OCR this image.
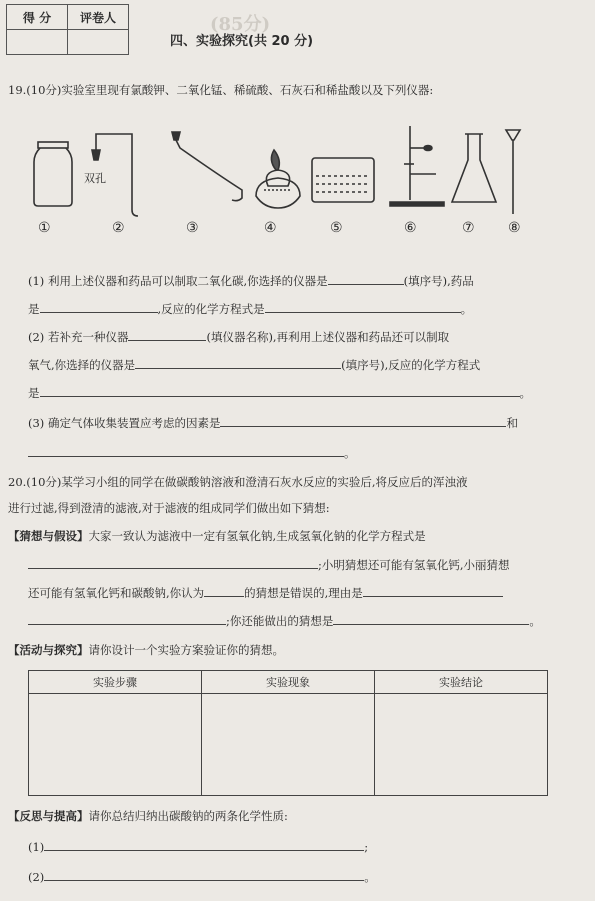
(85分)
得 分	评卷人

四、实验探究(共 20 分)
19.(10分)实验室里现有氯酸钾、二氧化锰、稀硫酸、石灰石和稀盐酸以及下列仪器:
双孔
①	②	③	④	⑤	⑥	⑦ ⑧
(1) 利用上述仪器和药品可以制取二氧化碳,你选择的仪器是	(填序号),药品
是	,反应的化学方程式是	。
(2) 若补充一种仪器	(填仪器名称),再利用上述仪器和药品还可以制取
氧气,你选择的仪器是	(填序号),反应的化学方程式
是	。
(3) 确定气体收集装置应考虑的因素是	和
。
20.(10分)某学习小组的同学在做碳酸钠溶液和澄清石灰水反应的实验后,将反应后的浑浊液
进行过滤,得到澄清的滤液,对于滤液的组成同学们做出如下猜想:
【猜想与假设】大家一致认为滤液中一定有氢氧化钠,生成氢氧化钠的化学方程式是
;小明猜想还可能有氢氧化钙,小丽猜想
还可能有氢氧化钙和碳酸钠,你认为	的猜想是错误的,理由是
;你还能做出的猜想是	。
【活动与探究】请你设计一个实验方案验证你的猜想。
实验步骤	实验现象	实验结论

【反思与提高】请你总结归纳出碳酸钠的两条化学性质:
(1)	;
(2)	。
